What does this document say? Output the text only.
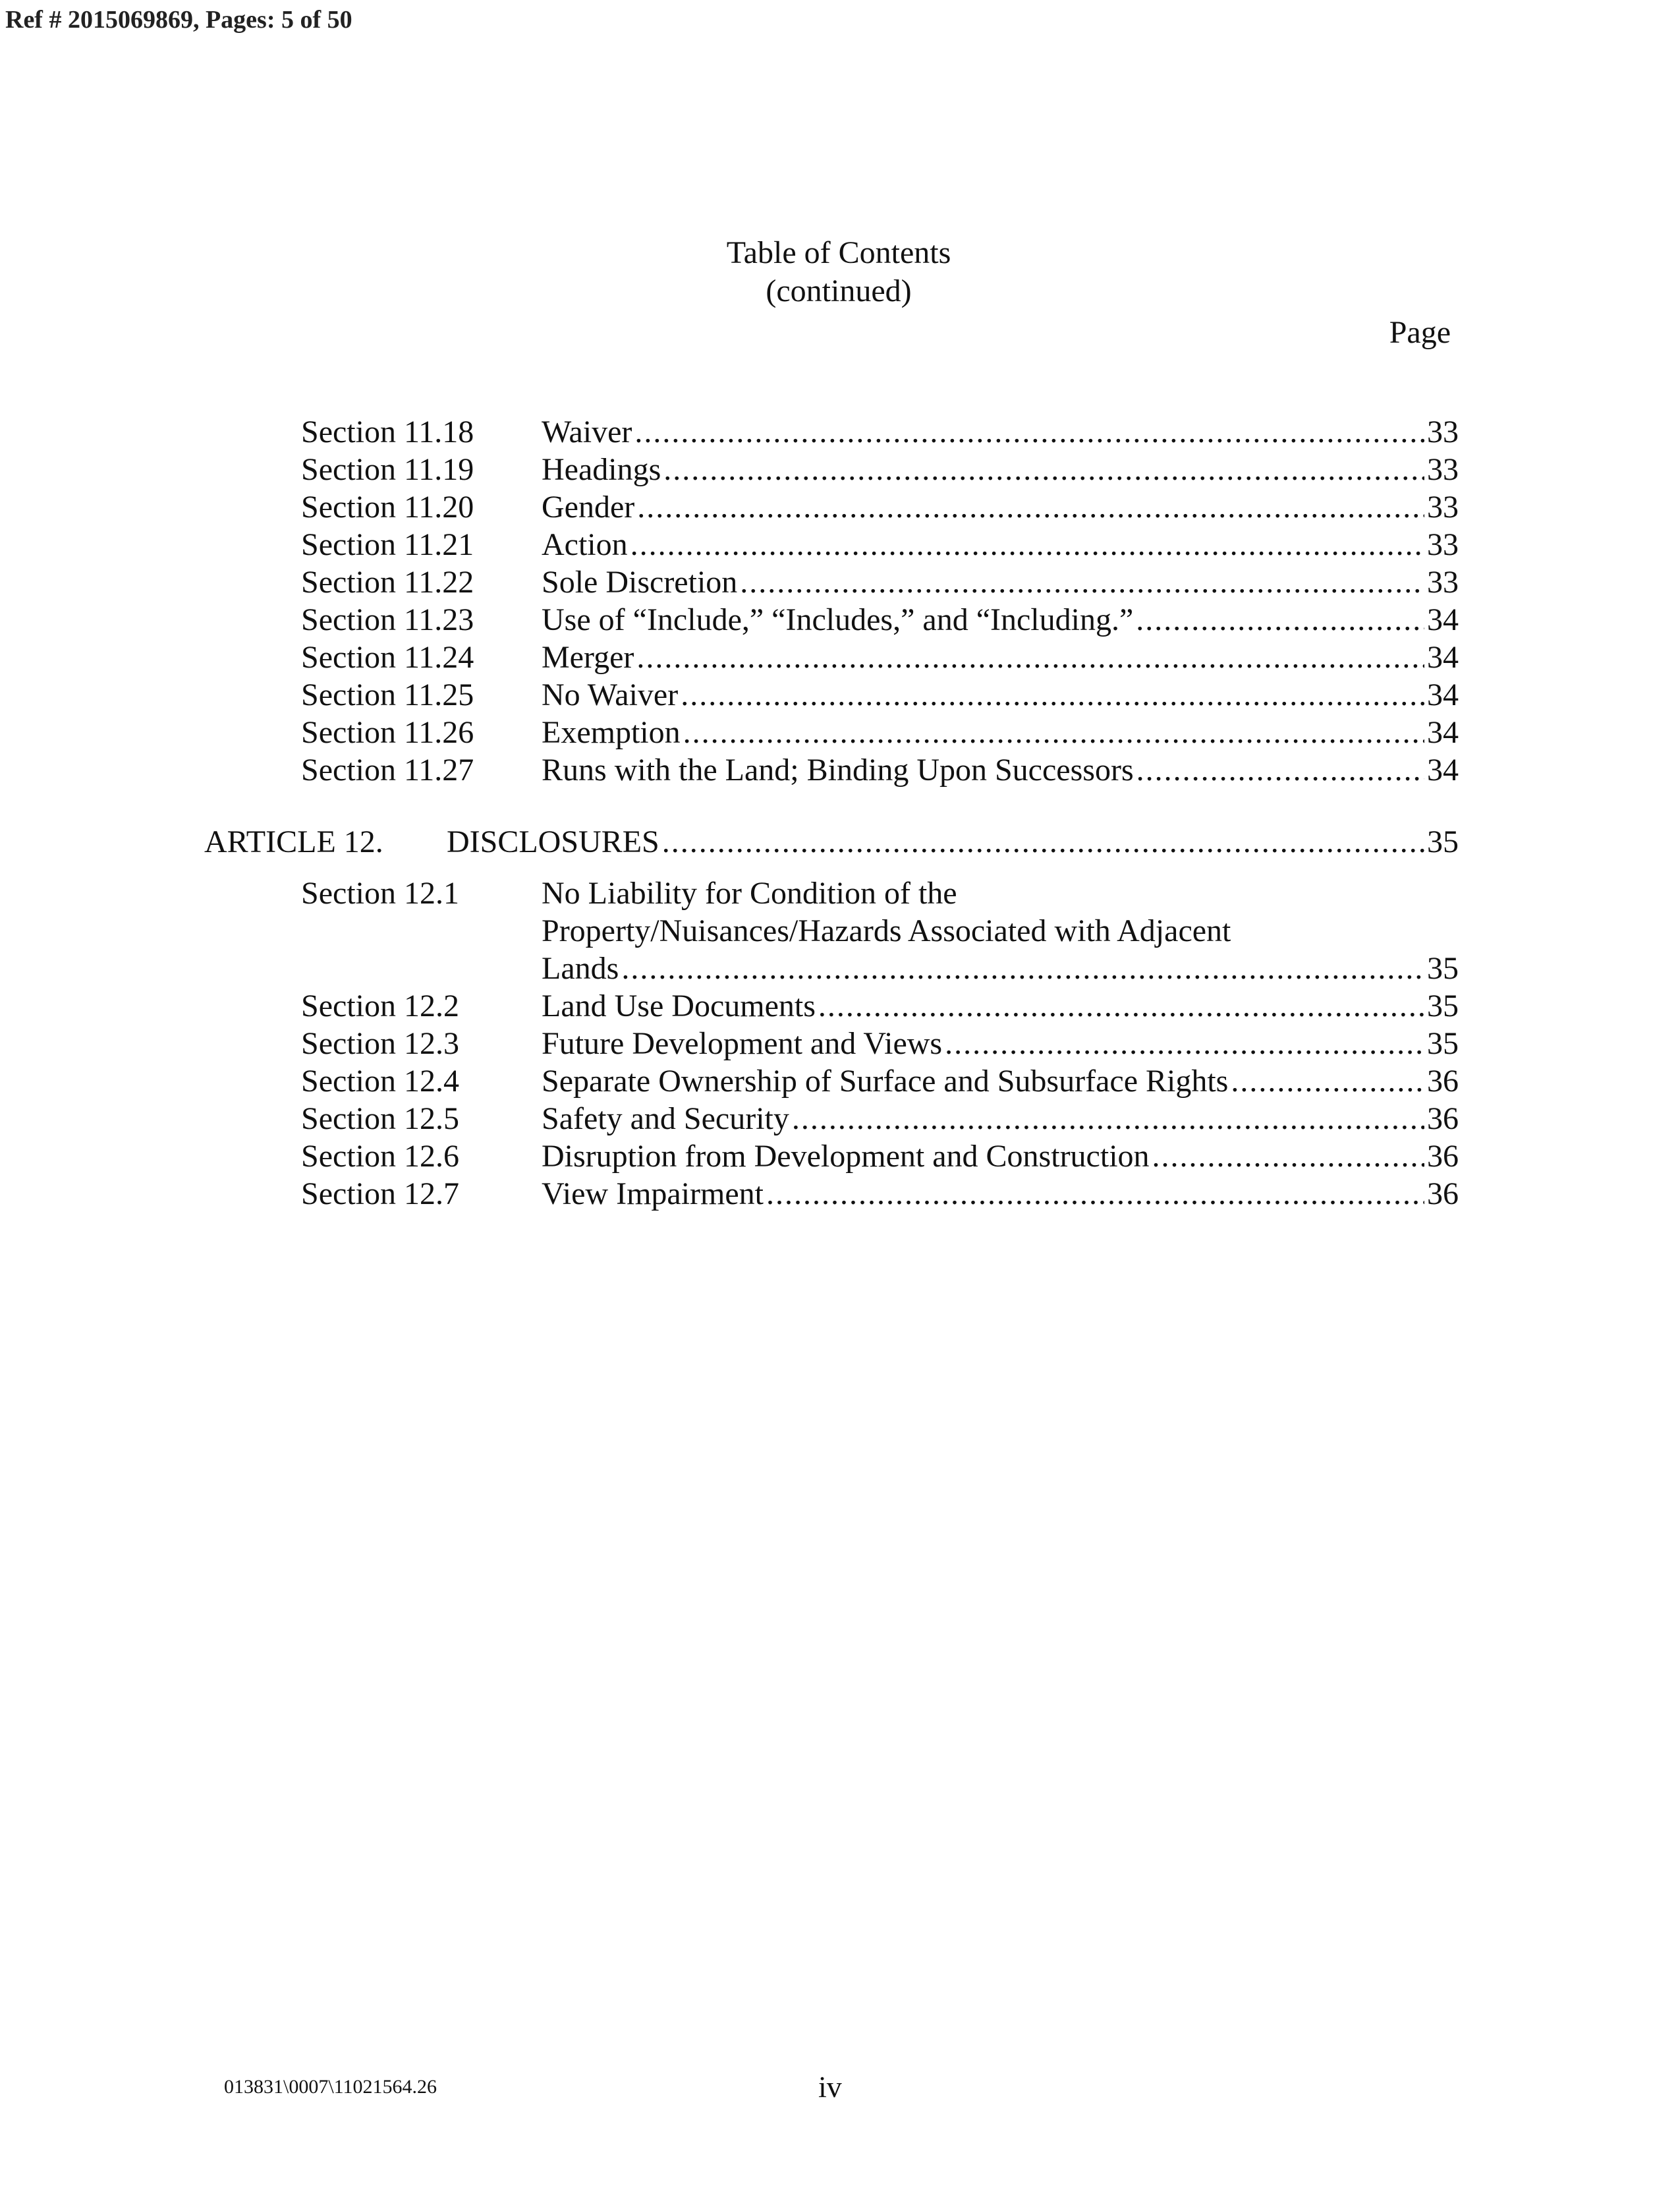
Ref # 2015069869, Pages: 5 of 50
Table of Contents
(continued)
Page
Section 11.18 Waiver .....	33
Section 11.19 Headings .....	33
Section 11.20 Gender .....	33
Section 11.21 Action .....	33
Section 11.22 Sole Discretion .....	33
Section 11.23 Use of “Include,” “Includes,” and “Including.” .....	34
Section 11.24 Merger .....	34
Section 11.25 No Waiver .....	34
Section 11.26 Exemption .....	34
Section 11.27 Runs with the Land; Binding Upon Successors .....	34
ARTICLE 12. DISCLOSURES .....	35
Section 12.1	No Liability for Condition of the
Property/Nuisances/Hazards Associated with Adjacent
Lands .....	35
Section 12.2	Land Use Documents .....	35
Section 12.3	Future Development and Views .....	35
Section 12.4	Separate Ownership of Surface and Subsurface Rights .....	36
Section 12.5	Safety and Security .....	36
Section 12.6	Disruption from Development and Construction .....	36
Section 12.7	View Impairment .....	36
013831\0007\11021564.26	iv
